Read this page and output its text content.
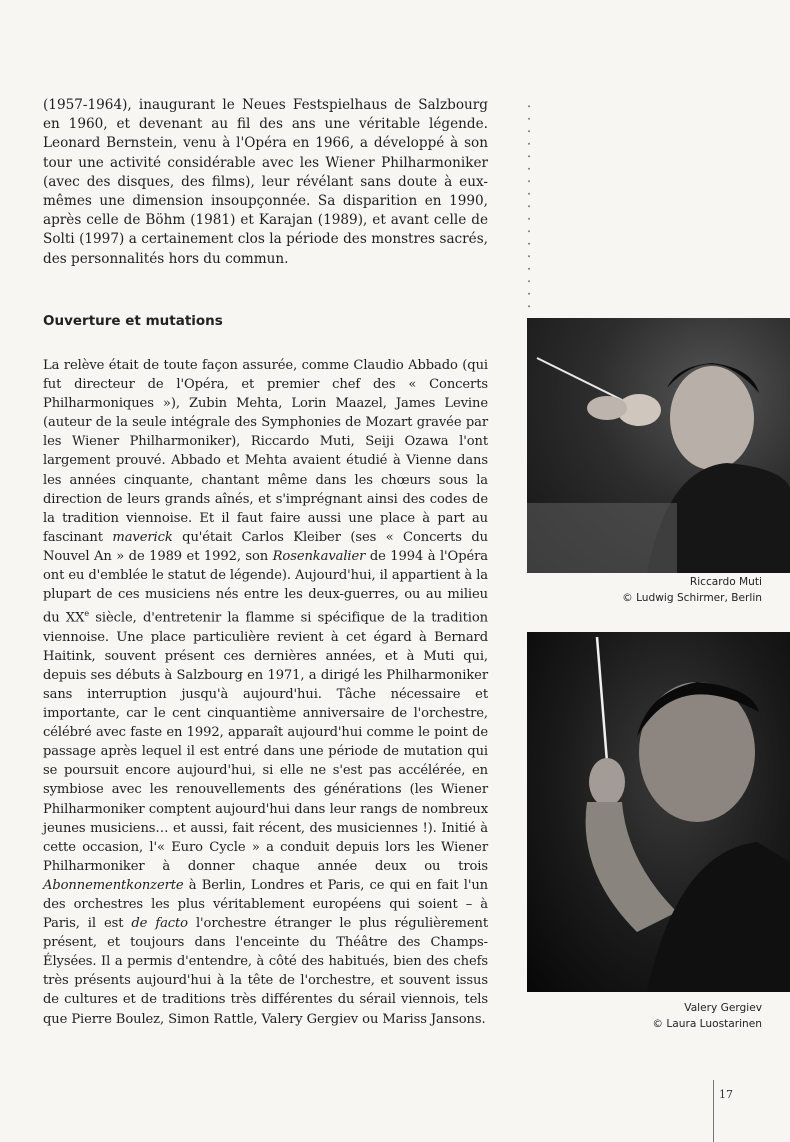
(1957-1964), inaugurant le Neues Festspielhaus de Salzbourg en 1960, et devenant au fil des ans une véritable légende. Leonard Bernstein, venu à l'Opéra en 1966, a développé à son tour une activité considérable avec les Wiener Philharmoniker (avec des disques, des films), leur révélant sans doute à eux-mêmes une dimension insoupçonnée. Sa disparition en 1990, après celle de Böhm (1981) et Karajan (1989), et avant celle de Solti (1997) a certainement clos la période des monstres sacrés, des personnalités hors du commun.

Ouverture et mutations

La relève était de toute façon assurée, comme Claudio Abbado (qui fut directeur de l'Opéra, et premier chef des « Concerts Philharmoniques »), Zubin Mehta, Lorin Maazel, James Levine (auteur de la seule intégrale des Symphonies de Mozart gravée par les Wiener Philharmoniker), Riccardo Muti, Seiji Ozawa l'ont largement prouvé. Abbado et Mehta avaient étudié à Vienne dans les années cinquante, chantant même dans les chœurs sous la direction de leurs grands aînés, et s'imprégnant ainsi des codes de la tradition viennoise. Et il faut faire aussi une place à part au fascinant maverick qu'était Carlos Kleiber (ses « Concerts du Nouvel An » de 1989 et 1992, son Rosenkavalier de 1994 à l'Opéra ont eu d'emblée le statut de légende). Aujourd'hui, il appartient à la plupart de ces musiciens nés entre les deux-guerres, ou au milieu du XXe siècle, d'entretenir la flamme si spécifique de la tradition viennoise. Une place particulière revient à cet égard à Bernard Haitink, souvent présent ces dernières années, et à Muti qui, depuis ses débuts à Salzbourg en 1971, a dirigé les Philharmoniker sans interruption jusqu'à aujourd'hui. Tâche nécessaire et importante, car le cent cinquantième anniversaire de l'orchestre, célébré avec faste en 1992, apparaît aujourd'hui comme le point de passage après lequel il est entré dans une période de mutation qui se poursuit encore aujourd'hui, si elle ne s'est pas accélérée, en symbiose avec les renouvellements des générations (les Wiener Philharmoniker comptent aujourd'hui dans leur rangs de nombreux jeunes musiciens… et aussi, fait récent, des musiciennes !). Initié à cette occasion, l'« Euro Cycle » a conduit depuis lors les Wiener Philharmoniker à donner chaque année deux ou trois Abonnementkonzerte à Berlin, Londres et Paris, ce qui en fait l'un des orchestres les plus véritablement européens qui soient – à Paris, il est de facto l'orchestre étranger le plus régulièrement présent, et toujours dans l'enceinte du Théâtre des Champs-Élysées. Il a permis d'entendre, à côté des habitués, bien des chefs très présents aujourd'hui à la tête de l'orchestre, et souvent issus de cultures et de traditions très différentes du sérail viennois, tels que Pierre Boulez, Simon Rattle, Valery Gergiev ou Mariss Jansons.

Riccardo Muti
© Ludwig Schirmer, Berlin
Valery Gergiev
© Laura Luostarinen
17
